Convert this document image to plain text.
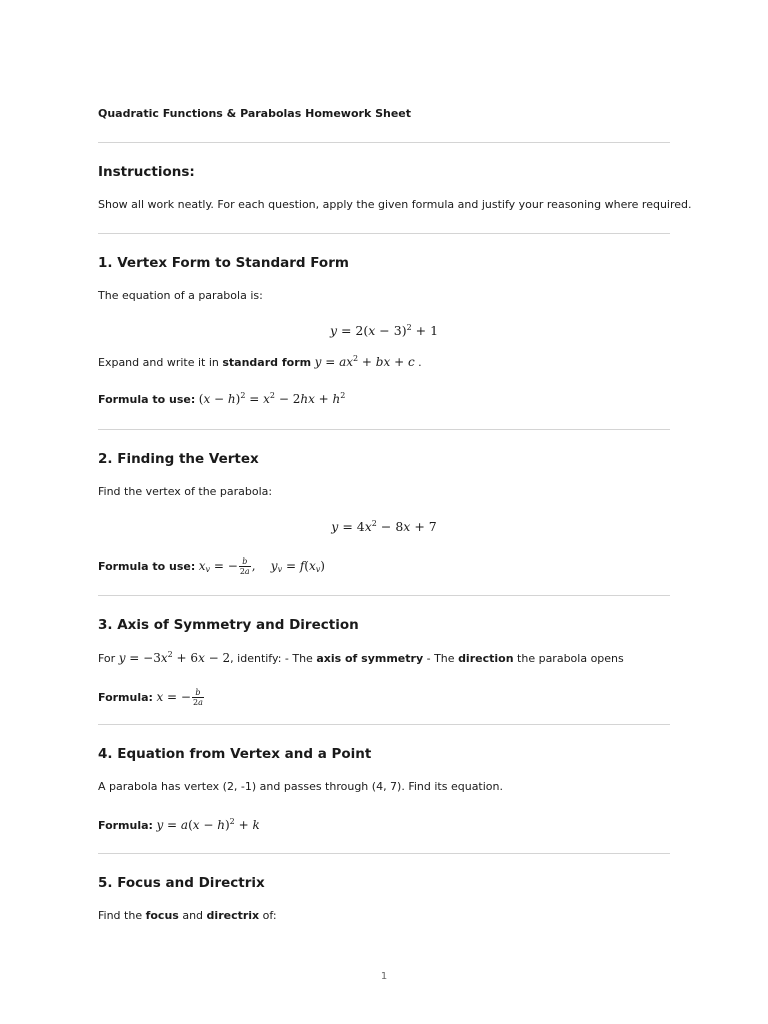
Quadratic Functions & Parabolas Homework Sheet
Instructions:
Show all work neatly. For each question, apply the given formula and justify your reasoning where required.
1. Vertex Form to Standard Form
The equation of a parabola is:
$y = 2(x - 3)^2 + 1$
Expand and write it in standard form $y = ax^2$ + bx + c .
Formula to use: $(x - h)^2 = x^2 - 2hx + h^2$
2. Finding the Vertex
Find the vertex of the parabola:
$y = 4x^2 - 8x + 7$
Formula to use: $x_v$ = − $\frac{b}{2a}$ ,    $y_v = f(x_v)$
3. Axis of Symmetry and Direction
For $y = -3x^2 + 6x - 2$, identify: - The axis of symmetry - The direction the parabola opens
Formula: x = − $\frac{b}{2a}$
4. Equation from Vertex and a Point
A parabola has vertex (2, -1) and passes through (4, 7). Find its equation.
Formula: $y = a(x - h)^2 + k$
5. Focus and Directrix
Find the focus and directrix of:
1
